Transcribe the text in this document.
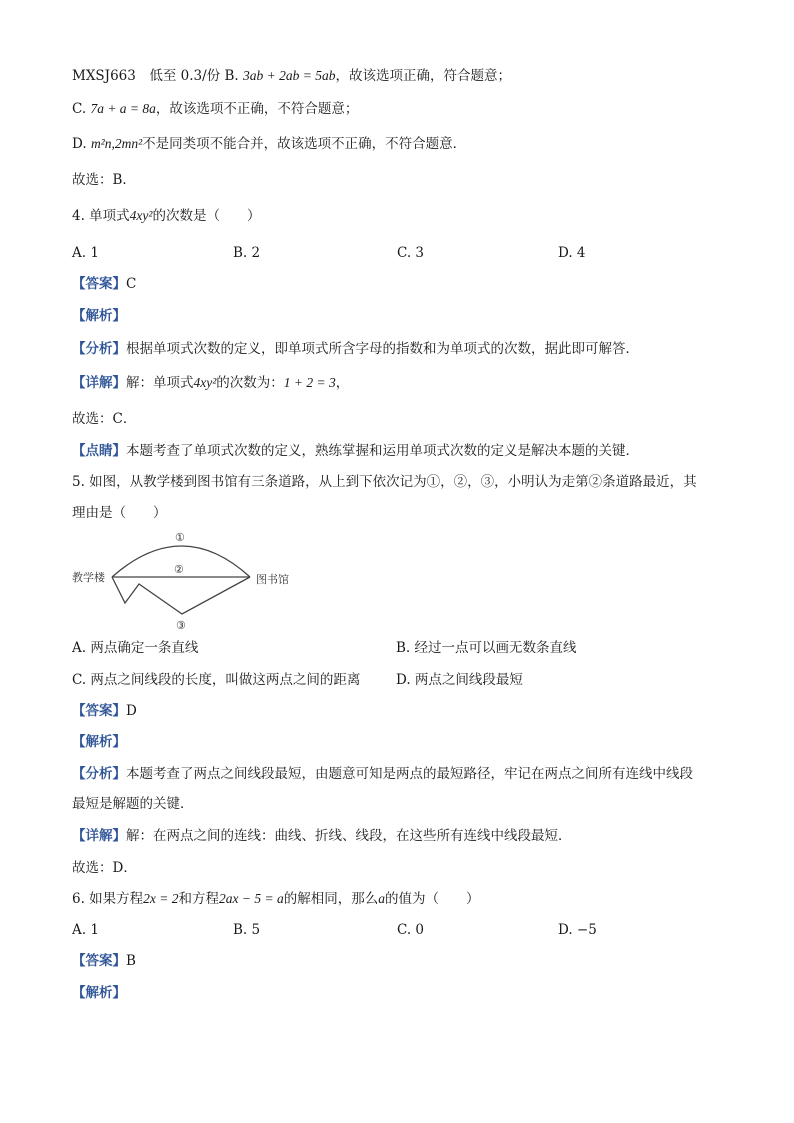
MXSJ663　低至 0.3/份 B. 3ab + 2ab = 5ab，故该选项正确，符合题意；
C. 7a + a = 8a，故该选项不正确，不符合题意；
D. m²n,2mn²不是同类项不能合并，故该选项不正确，不符合题意．
故选：B．
4. 单项式4xy²的次数是（　　）
A. 1	B. 2	C. 3	D. 4
【答案】C
【解析】
【分析】根据单项式次数的定义，即单项式所含字母的指数和为单项式的次数，据此即可解答．
【详解】解：单项式4xy²的次数为：1 + 2 = 3，
故选：C．
【点睛】本题考查了单项式次数的定义，熟练掌握和运用单项式次数的定义是解决本题的关键．
5. 如图，从教学楼到图书馆有三条道路，从上到下依次记为①，②，③，小明认为走第②条道路最近，其
理由是（　　）
教学楼	图书馆
①
②
③
A. 两点确定一条直线	B. 经过一点可以画无数条直线
C. 两点之间线段的长度，叫做这两点之间的距离	D. 两点之间线段最短
【答案】D
【解析】
【分析】本题考查了两点之间线段最短，由题意可知是两点的最短路径，牢记在两点之间所有连线中线段
最短是解题的关键．
【详解】解：在两点之间的连线：曲线、折线、线段，在这些所有连线中线段最短．
故选：D．
6. 如果方程2x = 2和方程2ax − 5 = a的解相同，那么a的值为（　　）
A. 1	B. 5	C. 0	D. −5
【答案】B
【解析】
